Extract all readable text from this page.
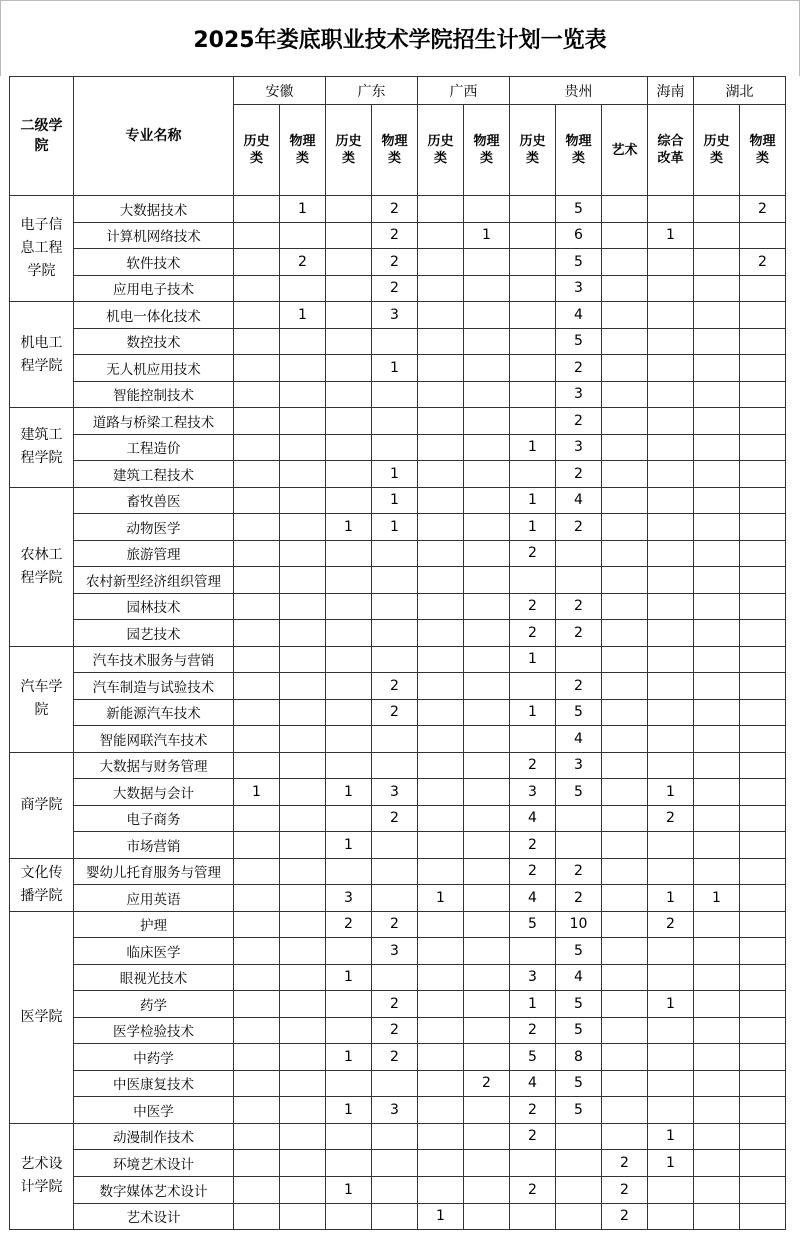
2025年娄底职业技术学院招生计划一览表
二级学院	专业名称	安徽		广东		广西		贵州			海南	湖北	
		历史类	物理类	历史类	物理类	历史类	物理类	历史类	物理类	艺术	综合改革	历史类	物理类
电子信息工程学院	大数据技术		1		2				5				2
	计算机网络技术				2		1		6		1		
	软件技术		2		2				5				2
	应用电子技术				2				3				
机电工程学院	机电一体化技术		1		3				4				
	数控技术								5				
	无人机应用技术				1				2				
	智能控制技术								3				
建筑工程学院	道路与桥梁工程技术								2				
	工程造价							1	3				
	建筑工程技术				1				2				
农林工程学院	畜牧兽医				1			1	4				
	动物医学			1	1			1	2				
	旅游管理							2					
	农村新型经济组织管理												
	园林技术							2	2				
	园艺技术							2	2				
汽车学院	汽车技术服务与营销							1					
	汽车制造与试验技术				2				2				
	新能源汽车技术				2			1	5				
	智能网联汽车技术								4				
商学院	大数据与财务管理							2	3				
	大数据与会计	1		1	3			3	5		1		
	电子商务				2			4			2		
	市场营销			1				2					
文化传播学院	婴幼儿托育服务与管理							2	2				
	应用英语			3		1		4	2		1	1	
医学院	护理			2	2			5	10		2		
	临床医学				3				5				
	眼视光技术			1				3	4				
	药学				2			1	5		1		
	医学检验技术				2			2	5				
	中药学			1	2			5	8				
	中医康复技术						2	4	5				
	中医学			1	3			2	5				
艺术设计学院	动漫制作技术							2			1		
	环境艺术设计									2	1		
	数字媒体艺术设计			1				2		2			
	艺术设计					1				2			
